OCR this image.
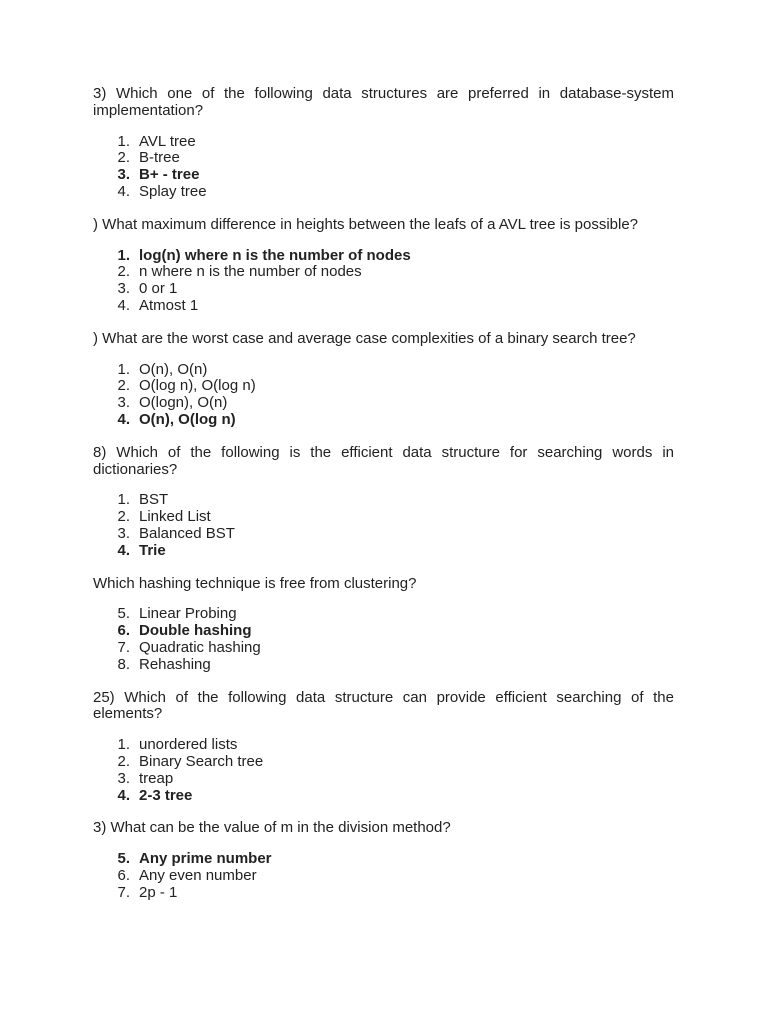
3) Which one of the following data structures are preferred in database-system implementation?

1. AVL tree
2. B-tree
3. B+ - tree
4. Splay tree

) What maximum difference in heights between the leafs of a AVL tree is possible?

1. log(n) where n is the number of nodes
2. n where n is the number of nodes
3. 0 or 1
4. Atmost 1

) What are the worst case and average case complexities of a binary search tree?

1. O(n), O(n)
2. O(log n), O(log n)
3. O(logn), O(n)
4. O(n), O(log n)

8) Which of the following is the efficient data structure for searching words in dictionaries?

1. BST
2. Linked List
3. Balanced BST
4. Trie

Which hashing technique is free from clustering?

5. Linear Probing
6. Double hashing
7. Quadratic hashing
8. Rehashing

25) Which of the following data structure can provide efficient searching of the elements?

1. unordered lists
2. Binary Search tree
3. treap
4. 2-3 tree

3) What can be the value of m in the division method?

5. Any prime number
6. Any even number
7. 2p - 1
